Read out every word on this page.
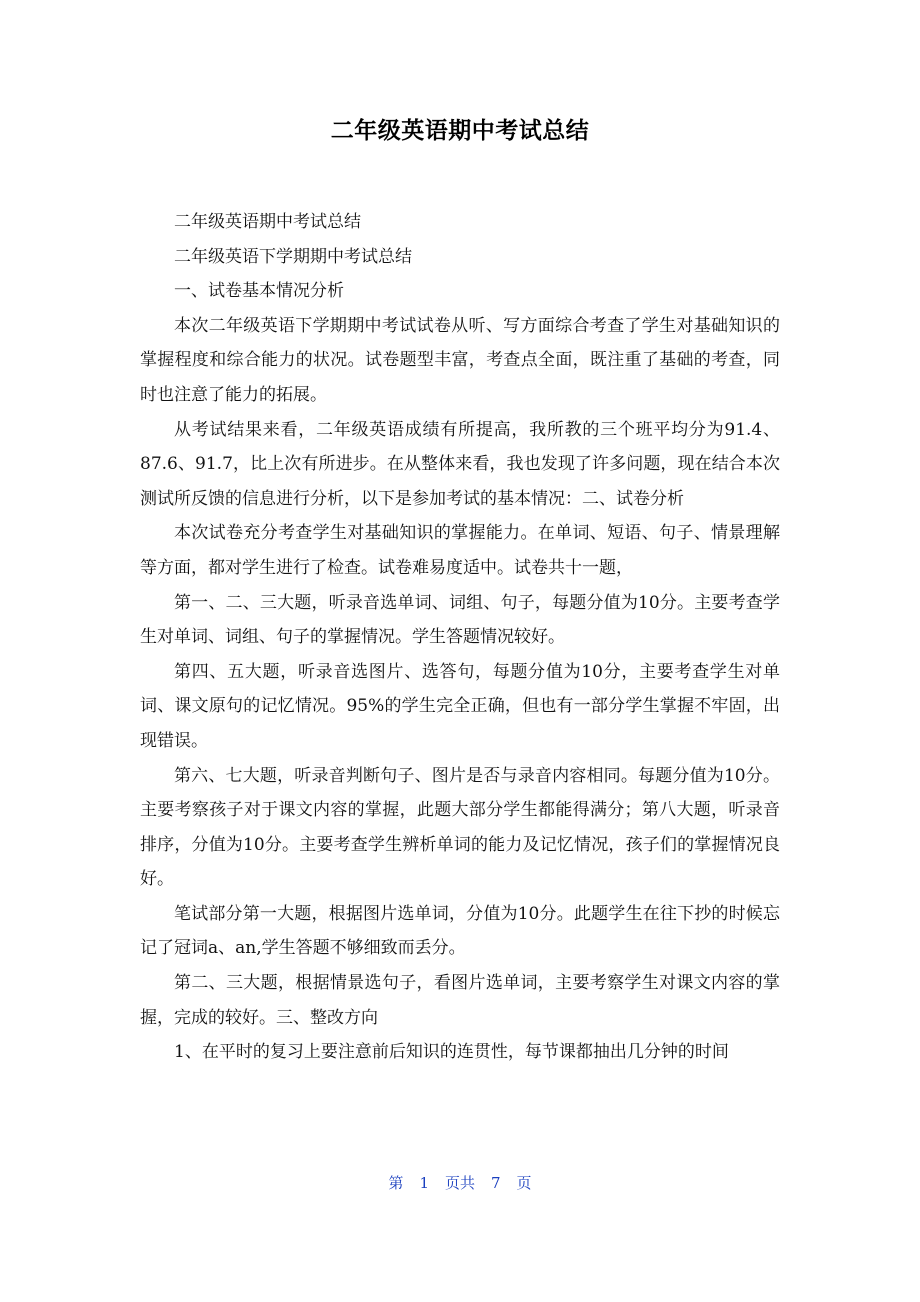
二年级英语期中考试总结

二年级英语期中考试总结

二年级英语下学期期中考试总结

一、试卷基本情况分析

本次二年级英语下学期期中考试试卷从听、写方面综合考查了学生对基础知识的掌握程度和综合能力的状况。试卷题型丰富，考查点全面，既注重了基础的考查，同时也注意了能力的拓展。

从考试结果来看，二年级英语成绩有所提高，我所教的三个班平均分为91.4、87.6、91.7，比上次有所进步。在从整体来看，我也发现了许多问题，现在结合本次测试所反馈的信息进行分析，以下是参加考试的基本情况：二、试卷分析

本次试卷充分考查学生对基础知识的掌握能力。在单词、短语、句子、情景理解等方面，都对学生进行了检查。试卷难易度适中。试卷共十一题，

第一、二、三大题，听录音选单词、词组、句子，每题分值为10分。主要考查学生对单词、词组、句子的掌握情况。学生答题情况较好。

第四、五大题，听录音选图片、选答句，每题分值为10分，主要考查学生对单词、课文原句的记忆情况。95%的学生完全正确，但也有一部分学生掌握不牢固，出现错误。

第六、七大题，听录音判断句子、图片是否与录音内容相同。每题分值为10分。主要考察孩子对于课文内容的掌握，此题大部分学生都能得满分；第八大题，听录音排序，分值为10分。主要考查学生辨析单词的能力及记忆情况，孩子们的掌握情况良好。

笔试部分第一大题，根据图片选单词，分值为10分。此题学生在往下抄的时候忘记了冠词a、an,学生答题不够细致而丢分。

第二、三大题，根据情景选句子，看图片选单词，主要考察学生对课文内容的掌握，完成的较好。三、整改方向

1、在平时的复习上要注意前后知识的连贯性，每节课都抽出几分钟的时间

第 1 页共 7 页
